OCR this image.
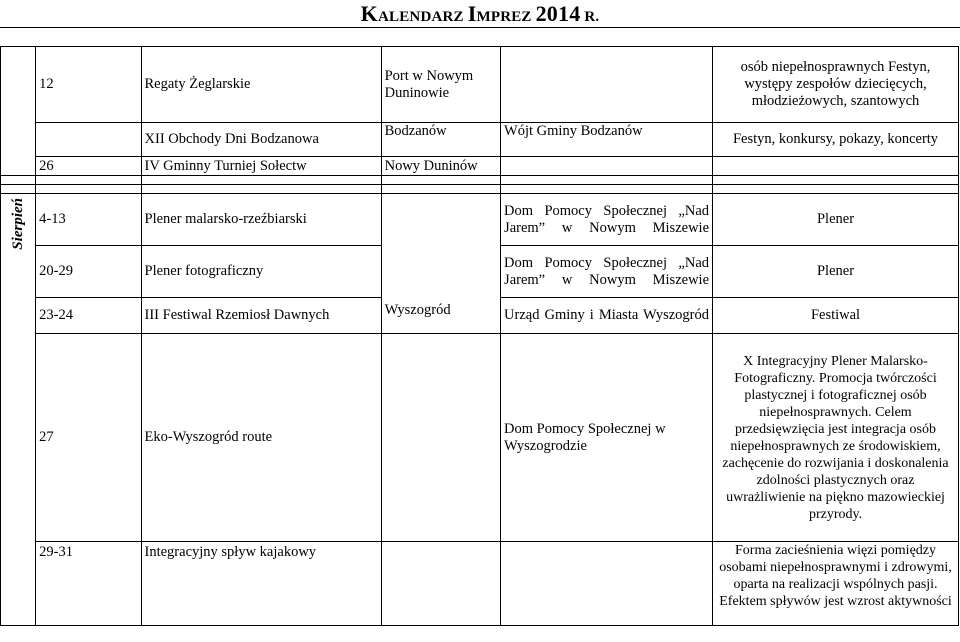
KALENDARZ IMPREZ 2014 R.
	12	Regaty Żeglarskie	Port w Nowym Duninowie		osób niepełnosprawnych Festyn, występy zespołów dziecięcych, młodzieżowych, szantowych
		XII Obchody Dni Bodzanowa	Bodzanów	Wójt Gminy Bodzanów	Festyn, konkursy, pokazy, koncerty
	26	IV Gminny Turniej Sołectw	Nowy Duninów		

Sierpień	4-13	Plener malarsko-rzeźbiarski	Wyszogród	Dom Pomocy Społecznej „Nad Jarem” w Nowym Miszewie	Plener
	20-29	Plener fotograficzny		Dom Pomocy Społecznej „Nad Jarem” w Nowym Miszewie	Plener
	23-24	III Festiwal Rzemiosł Dawnych		Urząd Gminy i Miasta Wyszogród	Festiwal
	27	Eko-Wyszogród route		Dom Pomocy Społecznej w Wyszogrodzie	X Integracyjny Plener Malarsko-Fotograficzny. Promocja twórczości plastycznej i fotograficznej osób niepełnosprawnych. Celem przedsięwzięcia jest integracja osób niepełnosprawnych ze środowiskiem, zachęcenie do rozwijania i doskonalenia zdolności plastycznych oraz uwrażliwienie na piękno mazowieckiej przyrody.
	29-31	Integracyjny spływ kajakowy			Forma zacieśnienia więzi pomiędzy osobami niepełnosprawnymi i zdrowymi, oparta na realizacji wspólnych pasji. Efektem spływów jest wzrost aktywności
